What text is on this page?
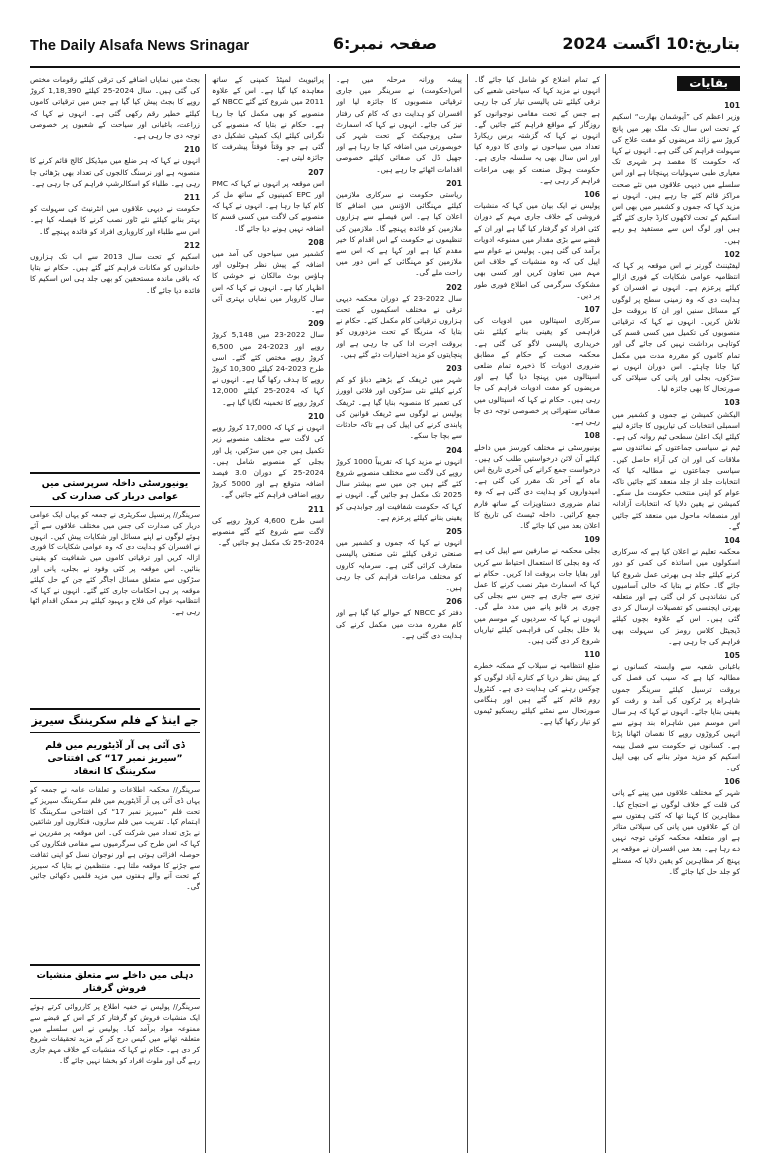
The Daily Alsafa News Srinagar	صفحہ نمبر:6	بتاریخ:10 اگست 2024
بقایات
101

وزیر اعظم کی ”آیوشمان بھارت“ اسکیم کے تحت اس سال تک ملک بھر میں پانچ کروڑ سے زائد مریضوں کو مفت علاج کی سہولت فراہم کی گئی ہے۔ انہوں نے کہا کہ حکومت کا مقصد ہر شہری تک معیاری طبی سہولیات پہنچانا ہے اور اس سلسلے میں دیہی علاقوں میں نئے صحت مراکز قائم کئے جا رہے ہیں۔ انہوں نے مزید کہا کہ جموں و کشمیر میں بھی اس اسکیم کے تحت لاکھوں کارڈ جاری کئے گئے ہیں اور لوگ اس سے مستفید ہو رہے ہیں۔

102

لیفٹیننٹ گورنر نے اس موقعہ پر کہا کہ انتظامیہ عوامی شکایات کے فوری ازالے کیلئے پرعزم ہے۔ انہوں نے افسران کو ہدایت دی کہ وہ زمینی سطح پر لوگوں کے مسائل سنیں اور ان کا بروقت حل تلاش کریں۔ انہوں نے کہا کہ ترقیاتی منصوبوں کی تکمیل میں کسی قسم کی کوتاہی برداشت نہیں کی جائے گی اور تمام کاموں کو مقررہ مدت میں مکمل کیا جانا چاہئے۔ اس دوران انہوں نے سڑکوں، بجلی اور پانی کی سپلائی کی صورتحال کا بھی جائزہ لیا۔

103

الیکشن کمیشن نے جموں و کشمیر میں اسمبلی انتخابات کی تیاریوں کا جائزہ لینے کیلئے ایک اعلیٰ سطحی ٹیم روانہ کی ہے۔ ٹیم نے سیاسی جماعتوں کے نمائندوں سے ملاقات کی اور ان کی آراء حاصل کیں۔ سیاسی جماعتوں نے مطالبہ کیا کہ انتخابات جلد از جلد منعقد کئے جائیں تاکہ عوام کو اپنی منتخب حکومت مل سکے۔ کمیشن نے یقین دلایا کہ انتخابات آزادانہ اور منصفانہ ماحول میں منعقد کئے جائیں گے۔

104

محکمہ تعلیم نے اعلان کیا ہے کہ سرکاری اسکولوں میں اساتذہ کی کمی کو دور کرنے کیلئے جلد ہی بھرتی عمل شروع کیا جائے گا۔ حکام نے بتایا کہ خالی آسامیوں کی نشاندہی کر لی گئی ہے اور متعلقہ بھرتی ایجنسی کو تفصیلات ارسال کر دی گئی ہیں۔ اس کے علاوہ بچوں کیلئے ڈیجیٹل کلاس رومز کی سہولت بھی فراہم کی جا رہی ہے۔

105

باغبانی شعبہ سے وابستہ کسانوں نے مطالبہ کیا ہے کہ سیب کی فصل کی بروقت ترسیل کیلئے سرینگر جموں شاہراہ پر ٹرکوں کی آمد و رفت کو یقینی بنایا جائے۔ انہوں نے کہا کہ ہر سال اس موسم میں شاہراہ بند ہونے سے انہیں کروڑوں روپے کا نقصان اٹھانا پڑتا ہے۔ کسانوں نے حکومت سے فصل بیمہ اسکیم کو مزید موثر بنانے کی بھی اپیل کی۔

106

شہر کے مختلف علاقوں میں پینے کے پانی کی قلت کے خلاف لوگوں نے احتجاج کیا۔ مظاہرین کا کہنا تھا کہ کئی ہفتوں سے ان کے علاقوں میں پانی کی سپلائی متاثر ہے اور متعلقہ محکمہ کوئی توجہ نہیں دے رہا ہے۔ بعد میں افسران نے موقعہ پر پہنچ کر مظاہرین کو یقین دلایا کہ مسئلے کو جلد حل کیا جائے گا۔

کے تمام اضلاع کو شامل کیا جائے گا۔ انہوں نے مزید کہا کہ سیاحتی شعبے کی ترقی کیلئے نئی پالیسی تیار کی جا رہی ہے جس کے تحت مقامی نوجوانوں کو روزگار کے مواقع فراہم کئے جائیں گے۔ انہوں نے کہا کہ گزشتہ برس ریکارڈ تعداد میں سیاحوں نے وادی کا دورہ کیا اور اس سال بھی یہ سلسلہ جاری ہے۔ حکومت ہوٹل صنعت کو بھی مراعات فراہم کر رہی ہے۔

106

پولیس نے ایک بیان میں کہا کہ منشیات فروشی کے خلاف جاری مہم کے دوران کئی افراد کو گرفتار کیا گیا ہے اور ان کے قبضے سے بڑی مقدار میں ممنوعہ ادویات برآمد کی گئی ہیں۔ پولیس نے عوام سے اپیل کی کہ وہ منشیات کے خلاف اس مہم میں تعاون کریں اور کسی بھی مشکوک سرگرمی کی اطلاع فوری طور پر دیں۔

107

سرکاری اسپتالوں میں ادویات کی فراہمی کو یقینی بنانے کیلئے نئی خریداری پالیسی لاگو کی گئی ہے۔ محکمہ صحت کے حکام کے مطابق ضروری ادویات کا ذخیرہ تمام ضلعی اسپتالوں میں پہنچا دیا گیا ہے اور مریضوں کو مفت ادویات فراہم کی جا رہی ہیں۔ حکام نے کہا کہ اسپتالوں میں صفائی ستھرائی پر خصوصی توجہ دی جا رہی ہے۔

108

یونیورسٹی نے مختلف کورسز میں داخلے کیلئے آن لائن درخواستیں طلب کی ہیں۔ درخواست جمع کرانے کی آخری تاریخ اس ماہ کے آخر تک مقرر کی گئی ہے۔ امیدواروں کو ہدایت دی گئی ہے کہ وہ تمام ضروری دستاویزات کے ساتھ فارم جمع کرائیں۔ داخلہ ٹیسٹ کی تاریخ کا اعلان بعد میں کیا جائے گا۔

109

بجلی محکمہ نے صارفین سے اپیل کی ہے کہ وہ بجلی کا استعمال احتیاط سے کریں اور بقایا جات بروقت ادا کریں۔ حکام نے کہا کہ اسمارٹ میٹر نصب کرنے کا عمل تیزی سے جاری ہے جس سے بجلی کی چوری پر قابو پانے میں مدد ملے گی۔ انہوں نے کہا کہ سردیوں کے موسم میں بلا خلل بجلی کی فراہمی کیلئے تیاریاں شروع کر دی گئی ہیں۔

110

ضلع انتظامیہ نے سیلاب کے ممکنہ خطرے کے پیش نظر دریا کے کنارے آباد لوگوں کو چوکس رہنے کی ہدایت دی ہے۔ کنٹرول روم قائم کئے گئے ہیں اور ہنگامی صورتحال سے نمٹنے کیلئے ریسکیو ٹیموں کو تیار رکھا گیا ہے۔

پیشہ ورانہ مرحلہ میں ہے۔ اس(حکومت) نے سرینگر میں جاری ترقیاتی منصوبوں کا جائزہ لیا اور افسران کو ہدایت دی کہ کام کی رفتار تیز کی جائے۔ انہوں نے کہا کہ اسمارٹ سٹی پروجیکٹ کے تحت شہر کی خوبصورتی میں اضافہ کیا جا رہا ہے اور جھیل ڈل کی صفائی کیلئے خصوصی اقدامات اٹھائے جا رہے ہیں۔

201

ریاستی حکومت نے سرکاری ملازمین کیلئے مہنگائی الاؤنس میں اضافے کا اعلان کیا ہے۔ اس فیصلے سے ہزاروں ملازمین کو فائدہ پہنچے گا۔ ملازمین کی تنظیموں نے حکومت کے اس اقدام کا خیر مقدم کیا ہے اور کہا ہے کہ اس سے ملازمین کو مہنگائی کے اس دور میں راحت ملے گی۔

202

سال 2022-23 کے دوران محکمہ دیہی ترقی نے مختلف اسکیموں کے تحت ہزاروں ترقیاتی کام مکمل کئے۔ حکام نے بتایا کہ منریگا کے تحت مزدوروں کو بروقت اجرت ادا کی جا رہی ہے اور پنچایتوں کو مزید اختیارات دئے گئے ہیں۔

203

شہر میں ٹریفک کے بڑھتے دباؤ کو کم کرنے کیلئے نئی سڑکوں اور فلائی اوورز کی تعمیر کا منصوبہ بنایا گیا ہے۔ ٹریفک پولیس نے لوگوں سے ٹریفک قوانین کی پابندی کرنے کی اپیل کی ہے تاکہ حادثات سے بچا جا سکے۔

204

انہوں نے مزید کہا کہ تقریباً 1000 کروڑ روپے کی لاگت سے مختلف منصوبے شروع کئے گئے ہیں جن میں سے بیشتر سال 2025 تک مکمل ہو جائیں گے۔ انہوں نے کہا کہ حکومت شفافیت اور جوابدہی کو یقینی بنانے کیلئے پرعزم ہے۔

205

انہوں نے کہا کہ جموں و کشمیر میں صنعتی ترقی کیلئے نئی صنعتی پالیسی متعارف کرائی گئی ہے۔ سرمایہ کاروں کو مختلف مراعات فراہم کی جا رہی ہیں۔

206

دفتر کو NBCC کے حوالے کیا گیا ہے اور کام مقررہ مدت میں مکمل کرنے کی ہدایت دی گئی ہے۔

پرائیویٹ لمیٹڈ کمپنی کے ساتھ معاہدہ کیا گیا ہے۔ اس کے علاوہ 2011 میں شروع کئے گئے NBCC کے منصوبے کو بھی مکمل کیا جا رہا ہے۔ حکام نے بتایا کہ منصوبے کی نگرانی کیلئے ایک کمیٹی تشکیل دی گئی ہے جو وقتاً فوقتاً پیشرفت کا جائزہ لیتی ہے۔

207

اس موقعہ پر انہوں نے کہا کہ PMC اور EPC کمپنیوں کے ساتھ مل کر کام کیا جا رہا ہے۔ انہوں نے کہا کہ منصوبے کی لاگت میں کسی قسم کا اضافہ نہیں ہونے دیا جائے گا۔

208

کشمیر میں سیاحوں کی آمد میں اضافہ کے پیش نظر ہوٹلوں اور ہاؤس بوٹ مالکان نے خوشی کا اظہار کیا ہے۔ انہوں نے کہا کہ اس سال کاروبار میں نمایاں بہتری آئی ہے۔

209

سال 2022-23 میں 5,148 کروڑ روپے اور 2023-24 میں 6,500 کروڑ روپے مختص کئے گئے۔ اسی طرح 2023-24 کیلئے 10,300 کروڑ روپے کا ہدف رکھا گیا ہے۔ انہوں نے کہا کہ 2024-25 کیلئے 12,000 کروڑ روپے کا تخمینہ لگایا گیا ہے۔

210

انہوں نے کہا کہ 17,000 کروڑ روپے کی لاگت سے مختلف منصوبے زیر تکمیل ہیں جن میں سڑکیں، پل اور بجلی کے منصوبے شامل ہیں۔ 2024-25 کے دوران 3.0 فیصد اضافہ متوقع ہے اور 5000 کروڑ روپے اضافی فراہم کئے جائیں گے۔

211

اسی طرح 4,600 کروڑ روپے کی لاگت سے شروع کئے گئے منصوبے 2024-25 تک مکمل ہو جائیں گے۔

بجٹ میں نمایاں اضافے کی ترقی کیلئے رقومات مختص کی گئی ہیں۔ سال 2024-25 کیلئے 1,18,390 کروڑ روپے کا بجٹ پیش کیا گیا ہے جس میں ترقیاتی کاموں کیلئے خطیر رقم رکھی گئی ہے۔ انہوں نے کہا کہ زراعت، باغبانی اور سیاحت کے شعبوں پر خصوصی توجہ دی جا رہی ہے۔

210

انہوں نے کہا کہ ہر ضلع میں میڈیکل کالج قائم کرنے کا منصوبہ ہے اور نرسنگ کالجوں کی تعداد بھی بڑھائی جا رہی ہے۔ طلباء کو اسکالرشپ فراہم کی جا رہی ہے۔

211

حکومت نے دیہی علاقوں میں انٹرنیٹ کی سہولت کو بہتر بنانے کیلئے نئے ٹاور نصب کرنے کا فیصلہ کیا ہے۔ اس سے طلباء اور کاروباری افراد کو فائدہ پہنچے گا۔

212

اسکیم کے تحت سال 2013 سے اب تک ہزاروں خاندانوں کو مکانات فراہم کئے گئے ہیں۔ حکام نے بتایا کہ باقی ماندہ مستحقین کو بھی جلد ہی اس اسکیم کا فائدہ دیا جائے گا۔

یونیورسٹی داخلہ سرپرستی میں عوامی دربار کی صدارت کی
سرینگر// پرنسپل سکریٹری نے جمعہ کو یہاں ایک عوامی دربار کی صدارت کی جس میں مختلف علاقوں سے آئے ہوئے لوگوں نے اپنے مسائل اور شکایات پیش کیں۔ انہوں نے افسران کو ہدایت دی کہ وہ عوامی شکایات کا فوری ازالہ کریں اور ترقیاتی کاموں میں شفافیت کو یقینی بنائیں۔ اس موقعہ پر کئی وفود نے بجلی، پانی اور سڑکوں سے متعلق مسائل اجاگر کئے جن کے حل کیلئے موقعہ پر ہی احکامات جاری کئے گئے۔ انہوں نے کہا کہ انتظامیہ عوام کی فلاح و بہبود کیلئے ہر ممکن اقدام اٹھا رہی ہے۔
جے اینڈ کے فلم سکریننگ سیریز
ڈی آئی پی آر آڈیٹوریم میں فلم ”سیریز نمبر 17“ کی افتتاحی سکریننگ کا انعقاد
سرینگر// محکمہ اطلاعات و تعلقات عامہ نے جمعہ کو یہاں ڈی آئی پی آر آڈیٹوریم میں فلم سکریننگ سیریز کے تحت فلم ”سیریز نمبر 17“ کی افتتاحی سکریننگ کا اہتمام کیا۔ تقریب میں فلم سازوں، فنکاروں اور شائقین نے بڑی تعداد میں شرکت کی۔ اس موقعہ پر مقررین نے کہا کہ اس طرح کی سرگرمیوں سے مقامی فنکاروں کی حوصلہ افزائی ہوتی ہے اور نوجوان نسل کو اپنی ثقافت سے جڑنے کا موقعہ ملتا ہے۔ منتظمین نے بتایا کہ سیریز کے تحت آنے والے ہفتوں میں مزید فلمیں دکھائی جائیں گی۔
دہلی میں داخلے سے متعلق منشیات فروش گرفتار
سرینگر// پولیس نے خفیہ اطلاع پر کارروائی کرتے ہوئے ایک منشیات فروش کو گرفتار کر کے اس کے قبضے سے ممنوعہ مواد برآمد کیا۔ پولیس نے اس سلسلے میں متعلقہ تھانے میں کیس درج کر کے مزید تحقیقات شروع کر دی ہے۔ حکام نے کہا کہ منشیات کے خلاف مہم جاری رہے گی اور ملوث افراد کو بخشا نہیں جائے گا۔
